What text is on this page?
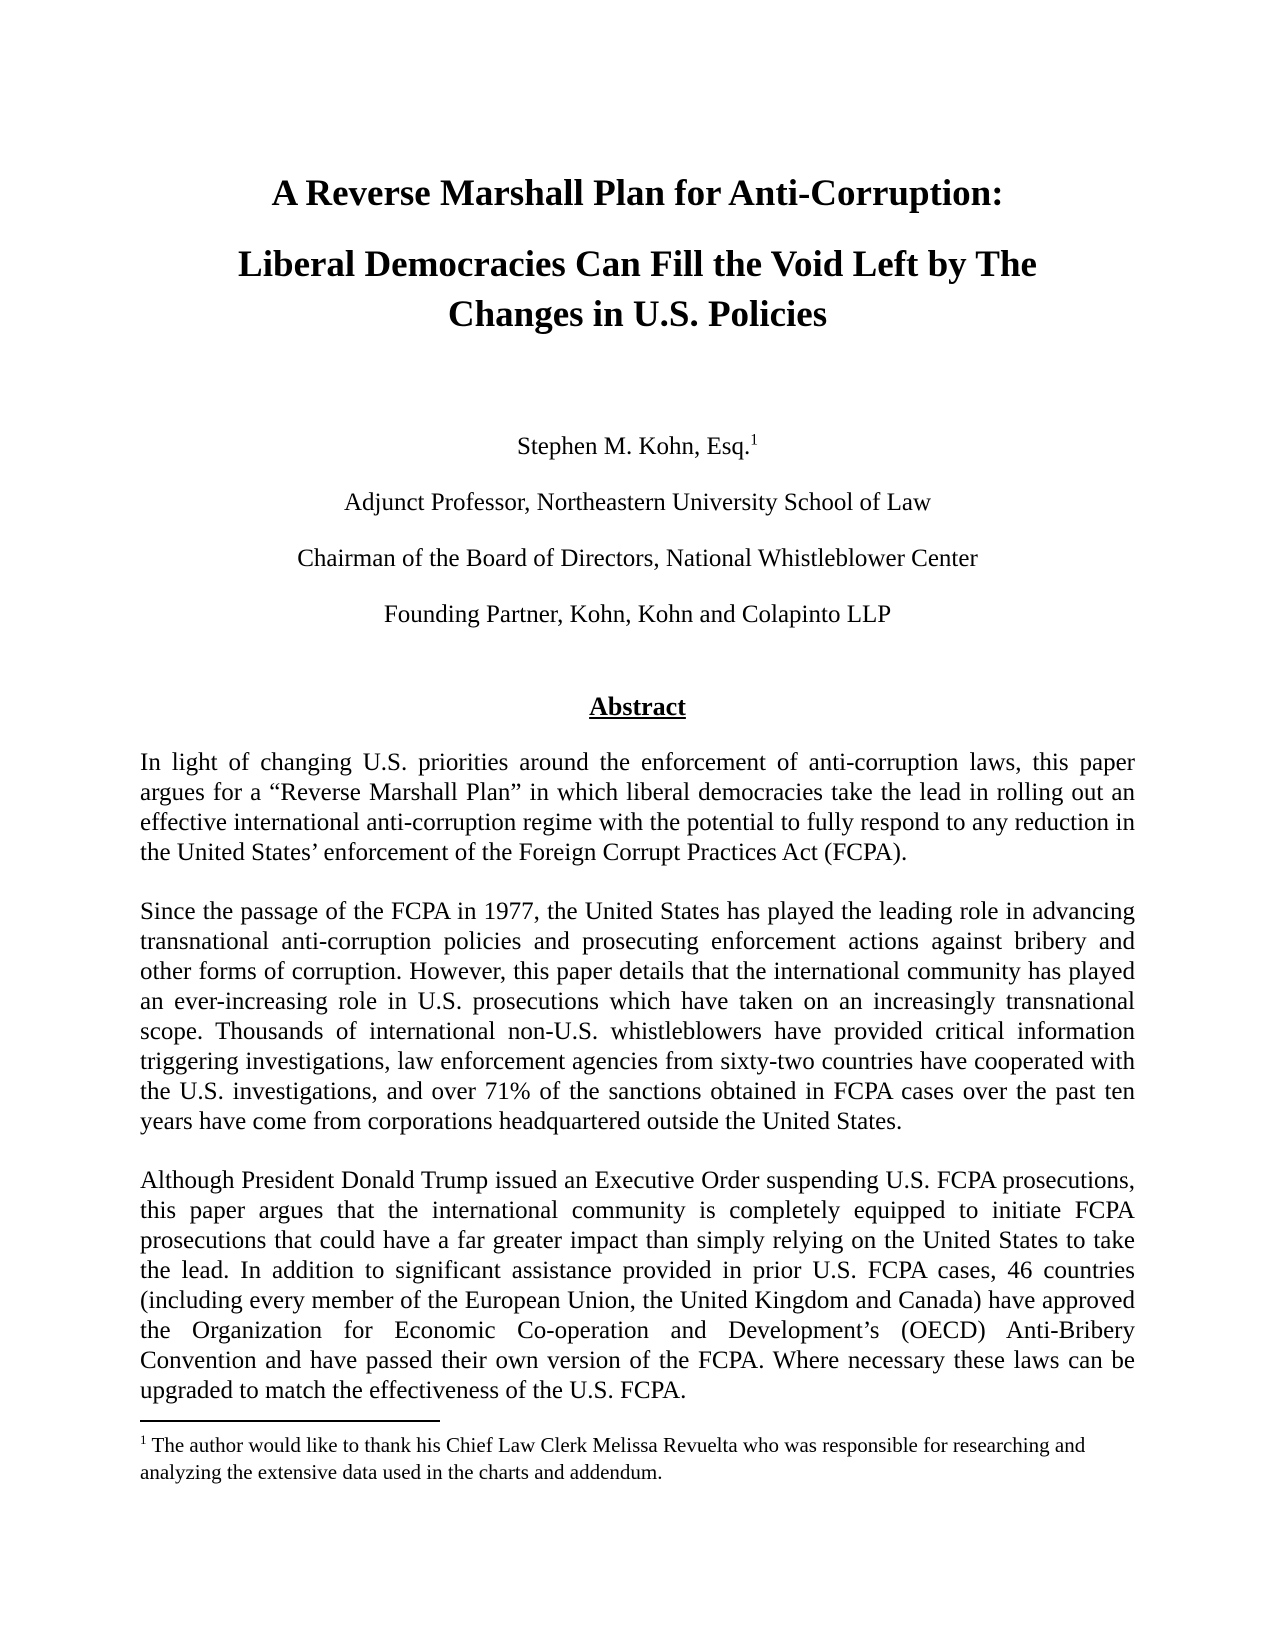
A Reverse Marshall Plan for Anti-Corruption:
Liberal Democracies Can Fill the Void Left by The
Changes in U.S. Policies

Stephen M. Kohn, Esq.$^1$

Adjunct Professor, Northeastern University School of Law

Chairman of the Board of Directors, National Whistleblower Center

Founding Partner, Kohn, Kohn and Colapinto LLP

Abstract

In light of changing U.S. priorities around the enforcement of anti-corruption laws, this paper argues for a “Reverse Marshall Plan” in which liberal democracies take the lead in rolling out an effective international anti-corruption regime with the potential to fully respond to any reduction in the United States’ enforcement of the Foreign Corrupt Practices Act (FCPA).

Since the passage of the FCPA in 1977, the United States has played the leading role in advancing transnational anti-corruption policies and prosecuting enforcement actions against bribery and other forms of corruption. However, this paper details that the international community has played an ever-increasing role in U.S. prosecutions which have taken on an increasingly transnational scope. Thousands of international non-U.S. whistleblowers have provided critical information triggering investigations, law enforcement agencies from sixty-two countries have cooperated with the U.S. investigations, and over 71% of the sanctions obtained in FCPA cases over the past ten years have come from corporations headquartered outside the United States.

Although President Donald Trump issued an Executive Order suspending U.S. FCPA prosecutions, this paper argues that the international community is completely equipped to initiate FCPA prosecutions that could have a far greater impact than simply relying on the United States to take the lead. In addition to significant assistance provided in prior U.S. FCPA cases, 46 countries (including every member of the European Union, the United Kingdom and Canada) have approved the Organization for Economic Co-operation and Development’s (OECD) Anti-Bribery Convention and have passed their own version of the FCPA. Where necessary these laws can be upgraded to match the effectiveness of the U.S. FCPA.

$^1$ The author would like to thank his Chief Law Clerk Melissa Revuelta who was responsible for researching and analyzing the extensive data used in the charts and addendum.
